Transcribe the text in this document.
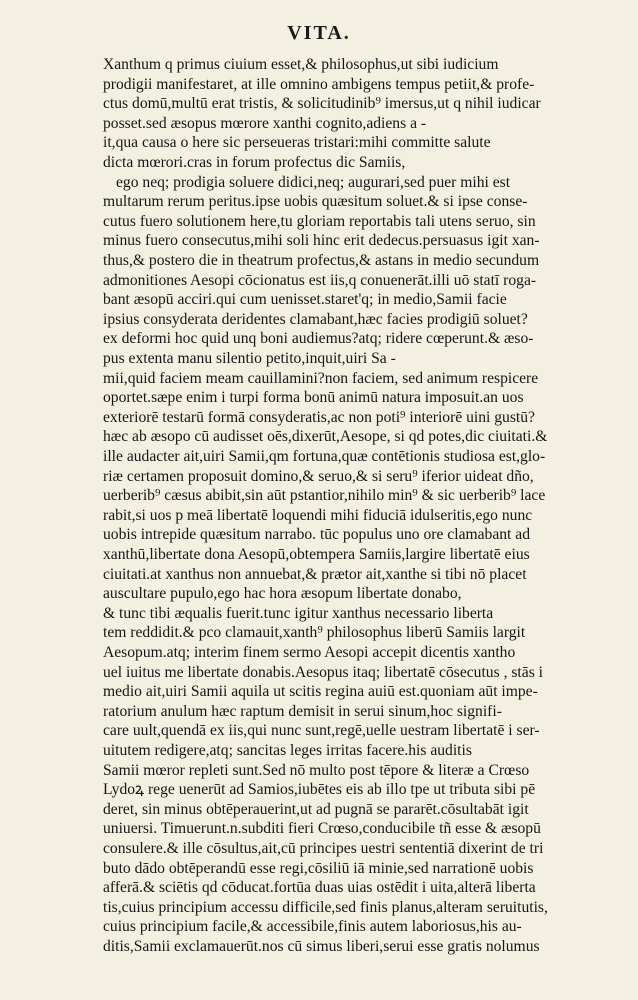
VITA.
Xanthum q primus ciuium esset,& philosophus,ut sibi iudicium
prodigii manifestaret, at ille omnino ambigens tempus petiit,& profe-
ctus domū,multū erat tristis, & solicitudinib⁹ imersus,ut q nihil iudicar
posset.sed æsopus mœrore xanthi cognito,adiens a -
it,qua causa o here sic perseueras tristari:mihi committe salute
dicta mœrori.cras in forum profectus dic Samiis,
ego neq; prodigia soluere didici,neq; augurari,sed puer mihi est
multarum rerum peritus.ipse uobis quæsitum soluet.& si ipse conse-
cutus fuero solutionem here,tu gloriam reportabis tali utens seruo, sin
minus fuero consecutus,mihi soli hinc erit dedecus.persuasus igit xan-
thus,& postero die in theatrum profectus,& astans in medio secundum
admonitiones Aesopi cōcionatus est iis,q conuenerāt.illi uō statī roga-
bant æsopū acciri.qui cum uenisset.staret'q; in medio,Samii facie
ipsius consyderata deridentes clamabant,hæc facies prodigiū soluet?
ex deformi hoc quid unq boni audiemus?atq; ridere cœperunt.& æso-
pus extenta manu silentio petito,inquit,uiri Sa -
mii,quid faciem meam cauillamini?non faciem, sed animum respicere
oportet.sæpe enim i turpi forma bonū animū natura imposuit.an uos
exteriorē testarū formā consyderatis,ac non poti⁹ interiorē uini gustū?
hæc ab æsopo cū audisset oēs,dixerūt,Aesope, si qd potes,dic ciuitati.&
ille audacter ait,uiri Samii,qm fortuna,quæ contētionis studiosa est,glo-
riæ certamen proposuit domino,& seruo,& si seru⁹ iferior uideat dño,
uerberib⁹ cæsus abibit,sin aūt pstantior,nihilo min⁹ & sic uerberib⁹ lace
rabit,si uos p meā libertatē loquendi mihi fiduciā idulseritis,ego nunc
uobis intrepide quæsitum narrabo. tūc populus uno ore clamabant ad
xanthū,libertate dona Aesopū,obtempera Samiis,largire libertatē eius
ciuitati.at xanthus non annuebat,& prætor ait,xanthe si tibi nō placet
auscultare pupulo,ego hac hora æsopum libertate donabo,
& tunc tibi æqualis fuerit.tunc igitur xanthus necessario liberta
tem reddidit.& pco clamauit,xanth⁹ philosophus liberū Samiis largit
Aesopum.atq; interim finem sermo Aesopi accepit dicentis xantho
uel iuitus me libertate donabis.Aesopus itaq; libertatē cōsecutus , stās i
medio ait,uiri Samii aquila ut scitis regina auiū est.quoniam aūt impe-
ratorium anulum hæc raptum demisit in serui sinum,hoc signifi-
care uult,quendā ex iis,qui nunc sunt,regē,uelle uestram libertatē i ser-
uitutem redigere,atq; sancitas leges irritas facere.his auditis
Samii mœror repleti sunt.Sed nō multo post tēpore & literæ a Crœso
Lydoꝝ rege uenerūt ad Samios,iubētes eis ab illo tpe ut tributa sibi pē
deret, sin minus obtēperauerint,ut ad pugnā se pararēt.cōsultabāt igit
uniuersi. Timuerunt.n.subditi fieri Crœso,conducibile tñ esse & æsopū
consulere.& ille cōsultus,ait,cū principes uestri sententiā dixerint de tri
buto dādo obtēperandū esse regi,cōsiliū iā minie,sed narrationē uobis
afferā.& sciētis qd cōducat.fortūa duas uias ostēdit i uita,alterā liberta
tis,cuius principium accessu difficile,sed finis planus,alteram seruitutis,
cuius principium facile,& accessibile,finis autem laboriosus,his au-
ditis,Samii exclamauerūt.nos cū simus liberi,serui esse gratis nolumus
